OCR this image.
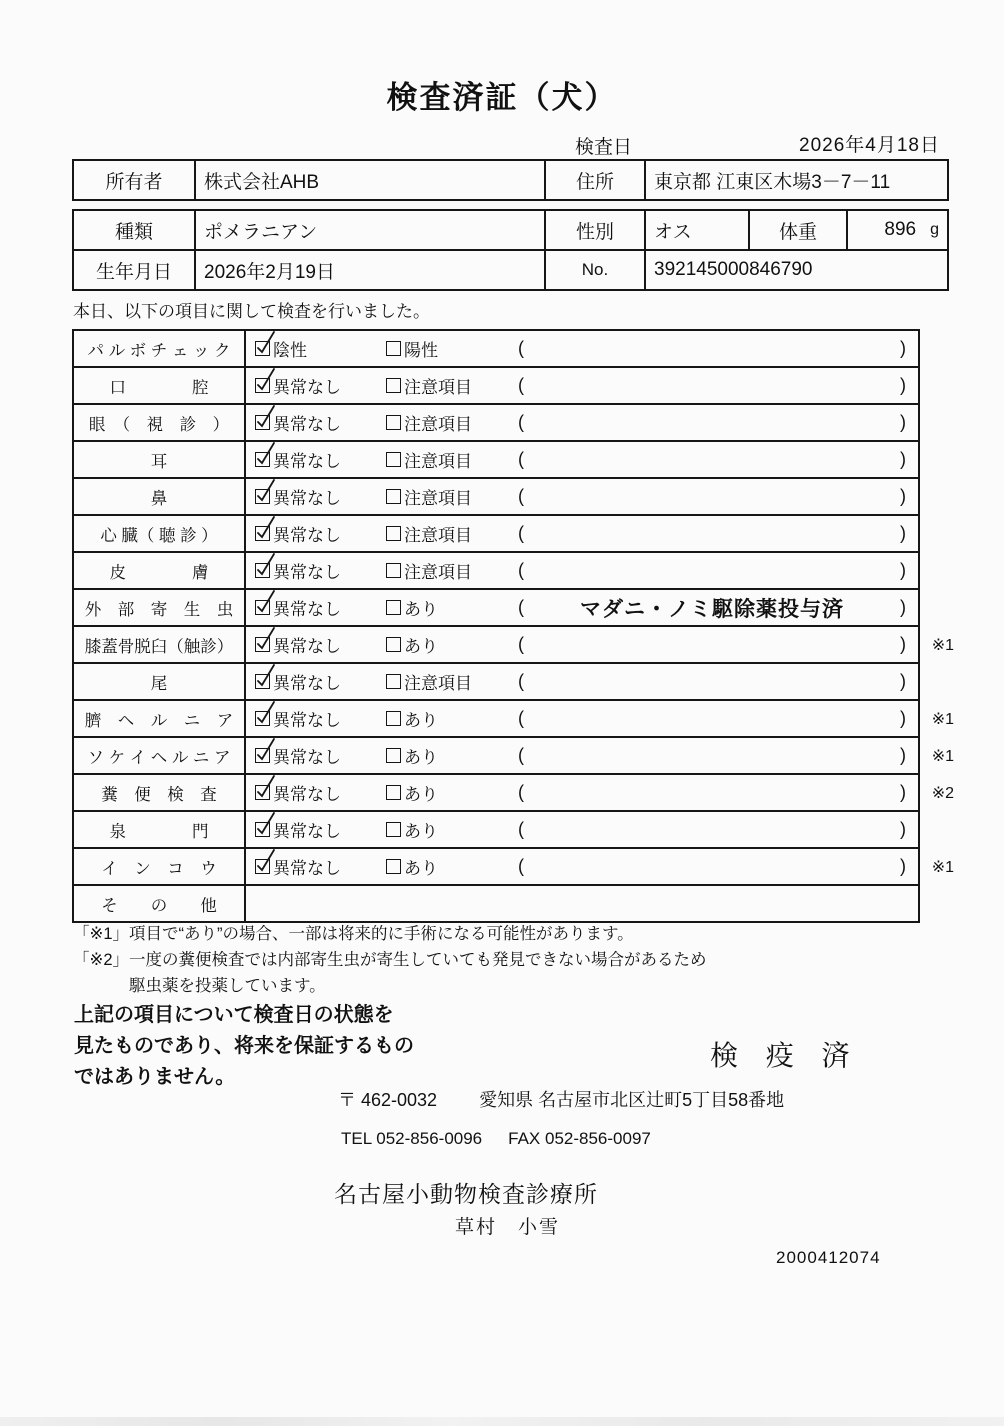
検査済証（犬）
検査日	2026年4月18日
所有者	株式会社AHB	住所	東京都 江東区木場3－7－11
種類	ポメラニアン	性別	オス	体重	896 g

生年月日	2026年2月19日	No.	392145000846790		
本日、以下の項目に関して検査を行いました。
パ ル ボ チ ェ ッ ク	陰性	陽性	(	)
口　　　　腔	異常なし	注意項目	(	)
眼　（　視　診　）	異常なし	注意項目	(	)
耳	異常なし	注意項目	(	)
鼻	異常なし	注意項目	(	)
心 臓（ 聴 診 ）	異常なし	注意項目	(	)
皮　　　　膚	異常なし	注意項目	(	)
外　部　寄　生　虫 異常なし	あり	(	マダニ・ノミ駆除薬投与済	)
膝蓋骨脱臼（触診） 異常なし	あり	(	) ※1
尾	異常なし	注意項目	(	)
臍　ヘ　ル　ニ　ア 異常なし	あり	(	) ※1
ソ ケ イ ヘ ル ニ ア	異常なし	あり	(	) ※1
糞　便　検　査	異常なし	あり	(	) ※2
泉　　　　門	異常なし	あり	(	)
イ　ン　コ　ウ	異常なし	あり	(	) ※1
そ　　の　　他
「※1」項目で“あり”の場合、一部は将来的に手術になる可能性があります。
「※2」一度の糞便検査では内部寄生虫が寄生していても発見できない場合があるため
駆虫薬を投薬しています。
上記の項目について検査日の状態を
見たものであり、将来を保証するもの
ではありません。
検 疫 済
〒 462-0032 愛知県 名古屋市北区辻町5丁目58番地
TEL 052-856-0096 FAX 052-856-0097
名古屋小動物検査診療所
草村　小雪
2000412074
